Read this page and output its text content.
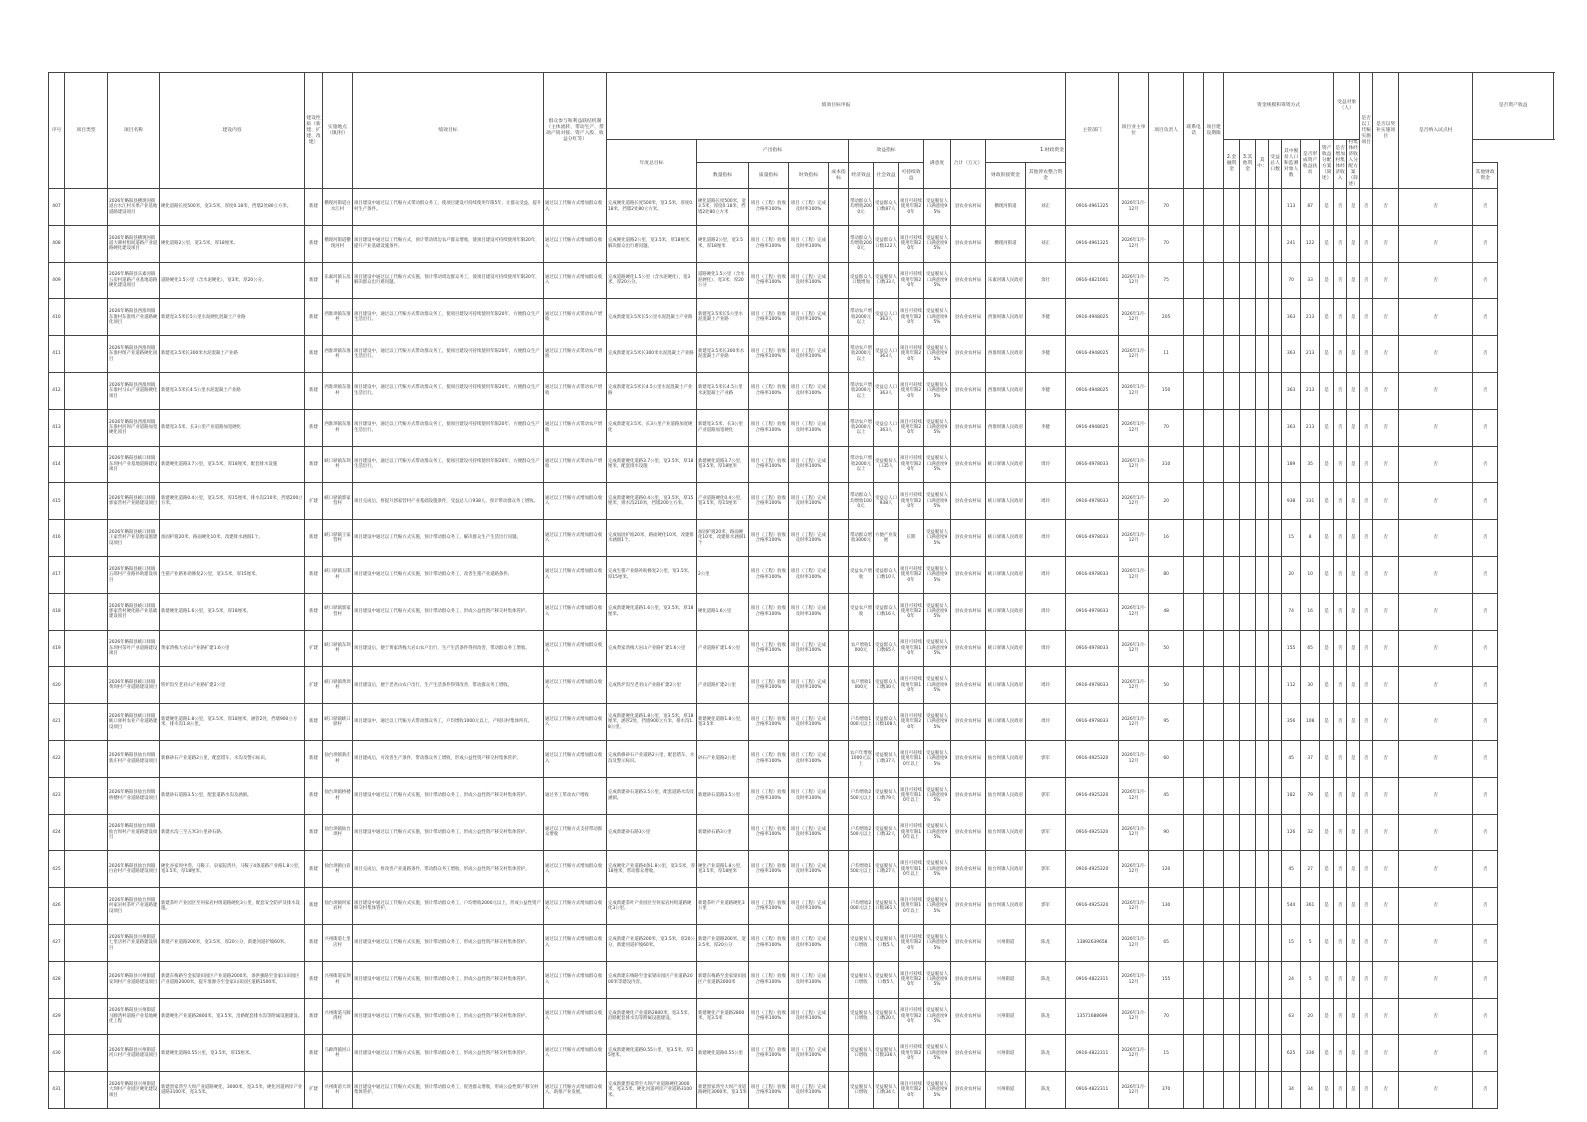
序号	项目类型	项目名称	建设内容	建设性质（新建、扩建、改建）	实施地点（镇/村）	绩效目标	群众参与和利益联结机制（主体流转、带动生产、帮助产销对接、资产入股、收益分红等）	绩效目标申报												主管部门	项目业主单位	项目负责人	联系电话	项目建设期限	资金规模和筹资方式							受益对象（人）		是否以工代赈实施项目	是否以奖补实施项目	是否纳入试点村	是否资产收益	
								年度总目标	产出指标				效益指标			满意度	合计（万元）	1.财政资金							2.金融资金	3.其他资金	其中：	受益总人口数	其中脱贫人口和监测对象人数	是否形成资产收益扶贫	资产收益分配方案（简述）	是否增加村集体经济收入	村集体经济收入分配方案（简述）					
									数量指标	质量指标	时效指标	成本指标	经济效益	社会效益	可持续效益			财政衔接资金	其他涉农整合资金																		其他财政资金	
407		2026年略阳县横现河街道白水江村水果产业基地道路建设项目	硬化道路长度500米，宽3.5米，厚度0.18米，挡墙2处80立方米。	新建	横现河街道白水江村	项目建设中通过以工代赈方式带动群众务工，使项目建设可持续使用年限5年，让群众受益，提升村生产条件。	通过以工代赈方式增加群众收入	完成硬化道路长度500米，宽3.5米，厚度0.18米，挡墙2处80立方米。	硬化道路长度500米，宽3.5米，厚度0.18米，挡墙2处80立方米	项目（工程）验收合格率100%	项目（工程）完成及时率100%		带动群众人均增收2000元	受益群众人口数87人	项目可持续使用年限20年	受益脱贫人口满意度95%	县农业农村局	横现河街道	刘正	0916-4961325	2026年1月-12月	70							113	87	是	否	是	否	否	否	否	
408		2026年略阳县横现河街道大碑村组间道路产业道路硬化建设项目	硬化道路2公里，宽3.5米，厚18厘米。	新建	横现河街道横现河村	项目建设中通过以工代赈方式，预计带动周边农户群众增收，使项目建设可持续使用年限20年，提升产业基础设施条件。	通过以工代赈方式增加群众收入	完成硬化道路2公里，宽3.5米，厚18厘米，解决群众出行难问题。	硬化道路2公里，宽3.5米，厚18厘米	项目（工程）验收合格率100%	项目（工程）完成及时率100%		带动群众人均增收2000元	受益群众人口数122人	项目可持续使用年限20年	受益脱贫人口满意度95%	县农业农村局	横现河街道	刘正	0916-4961325	2026年1月-12月	70							241	122	是	否	是	否	否	否	否	
409		2026年略阳县乐素河镇五房村道路产业基地道路硬化建设项目	道路硬化1.5公里（含水泥硬化），宽3米，厚20公分。	新建	乐素河镇五房村	项目建设中通过以工代赈方式实施，预计带动周边群众务工，使项目建设可持续使用年限20年，解决群众出行难问题。	通过以工代赈方式增加群众收入	完成道路硬化1.5公里（含水泥硬化），宽3米，厚20公分。	道路硬化1.5公里（含水泥硬化），宽3米，厚20公分	项目（工程）验收合格率100%	项目（工程）完成及时率100%		受益群众人口数增加	受益脱贫人口数33人	项目可持续使用年限20年	受益脱贫人口满意度95%	县农业农村局	乐素河镇人民政府	余壮	0916-4821001	2026年1月-12月	75							70	33	是	否	是	否	否	否	否	
410		2026年略阳县西淮坝镇东淮村东淮组产业道路硬化项目	新建宽3.5米长5公里水泥硬化混凝土产业路	新建	西淮坝镇东淮村	项目建设中，通过以工代赈方式带动群众务工，使项目建设可持续使用年限20年，方便群众生产生活出行。	通过以工代赈方式带动农户增收	完成新建宽3.5米长5公里水泥混凝土产业路	新建宽3.5米长5公里水泥混凝土产业路	项目（工程）验收合格率100%	项目（工程）完成及时率100%		带动农户增收2000元以上	受益总人口363人	项目可持续使用年限20年	受益脱贫人口满意度95%	县农业农村局	西淮坝镇人民政府	李健	0916-4948025	2026年1月-12月	205							363	213	是	否	是	否	否	否	否	
411		2026年略阳县西淮坝镇东淮村组产业道路硬化项目	新建宽3.5米长300米水泥混凝土产业路	新建	西淮坝镇东淮村	项目建设中，通过以工代赈方式带动群众务工，使项目建设可持续使用年限20年，方便群众生产生活出行。	通过以工代赈方式带动农户增收	完成新建宽3.5米长300米水泥混凝土产业路	新建宽3.5米长300米水泥混凝土产业路	项目（工程）验收合格率100%	项目（工程）完成及时率100%		带动农户增收2000元以上	受益总人口363人	项目可持续使用年限20年	受益脱贫人口满意度95%	县农业农村局	西淮坝镇人民政府	李健	0916-4948025	2026年1月-12月	11							363	213	是	否	是	否	否	否	否	
412		2026年略阳县西淮坝镇东淮村马山产业道路硬化项目	新建宽3.5米长4.5公里水泥混凝土产业路	新建	西淮坝镇东淮村	项目建设中，通过以工代赈方式带动群众务工，使项目建设可持续使用年限20年，方便群众生产生活出行。	通过以工代赈方式带动农户增收	完成新建宽3.5米长4.5公里水泥混凝土产业路	新建宽3.5米长4.5公里水泥混凝土产业路	项目（工程）验收合格率100%	项目（工程）完成及时率100%		带动农户增收2000元以上	受益总人口363人	项目可持续使用年限20年	受益脱贫人口满意度95%	县农业农村局	西淮坝镇人民政府	李健	0916-4948025	2026年1月-12月	150							363	213	是	否	是	否	否	否	否	
413		2026年略阳县西淮坝镇东淮村河坝产业道路加宽硬化项目	新建宽3.5米，长3公里产业道路加宽硬化	新建	西淮坝镇东淮村	项目建设中，通过以工代赈方式带动群众务工，使项目建设可持续使用年限20年，方便群众生产生活出行。	通过以工代赈方式带动农户增收	完成新建宽3.5米，长3公里产业道路加宽硬化	新建宽3.5米，长3公里产业道路加宽硬化	项目（工程）验收合格率100%	项目（工程）完成及时率100%		带动农户增收2000元以上	受益总人口363人	项目可持续使用年限20年	受益脱贫人口满意度95%	县农业农村局	西淮坝镇人民政府	李健	0916-4948025	2026年1月-12月	70							363	213	是	否	是	否	否	否	否	
414		2026年略阳县峡口驿镇东坝村产业基地道路建设项目	新建硬化道路3.7公里，宽3.5米，厚18厘米，配套排水设施	新建	峡口驿镇东坝村	项目建设中，通过以工代赈方式带动群众务工，使项目建设可持续使用年限20年，方便群众生产生活出行。	通过以工代赈方式带动农户增收	完成新建硬化道路3.7公里，宽3.5米，厚18厘米，配套排水设施	新建硬化道路3.7公里，宽3.5米，厚18厘米	项目（工程）验收合格率100%	项目（工程）完成及时率100%		带动农户增收2000元以上	受益脱贫人口35人	项目可持续使用年限20年	受益脱贫人口满意度95%	县农业农村局	峡口驿镇人民政府	周玲	0916-4978033	2026年1月-12月	310							189	35	是	否	是	否	否	否	否	
415		2026年略阳县峡口驿镇郭家营村产业路建设项目	新建硬化道路0.4公里，宽3.5米，厚15厘米，排水沟210米，挡墙200立方米。	扩建	峡口驿镇郭家营村	项目完成后，将提升郭家营村产业基础设施条件，受益总人口938人，预计带动群众务工增收。	通过以工代赈方式增加群众收入	完成新建硬化道路0.4公里，宽3.5米，厚15厘米，排水沟210米，挡墙200立方米。	产业道路硬化0.4公里，宽3.5米，厚15厘米	项目（工程）验收合格率100%	项目（工程）完成及时率100%		带动群众人均增收1000元	受益总人口938人	项目可持续使用年限20年	受益脱贫人口满意度95%	县农业农村局	峡口驿镇人民政府	周玲	0916-4978033	2026年1月-12月	20							938	331	是	否	是	否	否	否	否	
416		2026年略阳县峡口驿镇王家营村产业基地设施建设项目	加固护坡20米，路面硬化10米，改建排水涵洞1个。	新建	峡口驿镇王家营村	项目建设中通过以工代赈方式实施，预计带动群众务工，解决群众生产生活出行问题。	通过以工代赈方式增加群众收入	完成加固护坡20米，路面硬化10米，改建排水涵洞1个。	加固护坡20米，路面硬化10米，改建排水涵洞1个	项目（工程）验收合格率100%	项目（工程）完成及时率100%		带动群众增收3000元	方便产业发展	长期	受益脱贫人口满意度95%	县农业农村局	峡口驿镇人民政府	周玲	0916-4978033	2026年1月-12月	16							15	8	是	否	是	否	否	否	否	
417		2026年略阳县峡口驿镇五郎村产业路补助建设项目	生猪产业路补助修复2公里，宽3.5米，厚15厘米。	新建	峡口驿镇五郎村	项目建设中通过以工代赈方式实施，预计带动群众务工，改善生猪产业道路条件。	通过以工代赈方式增加群众收入	完成生猪产业路补助修复2公里，宽3.5米，厚15厘米。	2公里	项目（工程）验收合格率100%	项目（工程）完成及时率100%		受益农户增收	受益群众人口数10人	项目可持续使用年限20年	受益脱贫人口满意度95%	县农业农村局	峡口驿镇人民政府	周玲	0916-4978033	2026年1月-12月	80							20	10	是	否	是	否	否	否	否	
418		2026年略阳县峡口驿镇郭家营村硬化路产业基础建设项目	新建硬化道路1.6公里，宽3.5米，厚18厘米。	新建	峡口驿镇郭家营村	项目建设中通过以工代赈方式实施，预计带动群众务工，形成公益性资产移交村集体管护。	通过以工代赈方式增加群众收入	完成新建硬化道路1.6公里，宽3.5米，厚18厘米。	硬化道路1.6公里	项目（工程）验收合格率100%	项目（工程）完成及时率100%		受益农户增收	受益群众人口数16人	项目可持续使用年限20年	受益脱贫人口满意度95%	县农业农村局	峡口驿镇人民政府	周玲	0916-4978033	2026年1月-12月	48							74	16	是	否	是	否	否	否	否	
419		2026年略阳县峡口驿镇东坝村茶叶产业道路建设项目	黄家湾栈大岩山产业路扩建1.6公里	扩建	峡口驿镇东坝村	项目建设后，便于黄家湾栈大岩山农户出行，生产生活条件得到改善，带动群众务工增收。	通过以工代赈方式增加群众收入	完成黄家湾栈大岩山产业路扩建1.6公里	产业道路扩建1.6公里	项目（工程）验收合格率100%	项目（工程）完成及时率100%		农户增收1000元	受益群众人口数65人	项目可持续使用年限10年	受益脱贫人口满意度95%	县农业农村局	峡口驿镇人民政府	周玲	0916-4978033	2026年1月-12月	50							155	65	是	否	是	否	否	否	否	
420		2026年略阳县峡口驿镇黄坝村产业道路建设项目	铁炉沟至老君山产业路扩建2公里	扩建	峡口驿镇黄坝村	项目建设后，便于老君山农户出行，生产生活条件得到改善，带动群众务工增收。	通过以工代赈方式增加群众收入	完成铁炉沟至老君山产业路扩建2公里	产业道路扩建2公里	项目（工程）验收合格率100%	项目（工程）完成及时率100%		农户增收1000元	受益群众人口数30人	项目可持续使用年限10年	受益脱贫人口满意度95%	县农业农村局	峡口驿镇人民政府	周玲	0916-4978033	2026年1月-12月	50							112	30	是	否	是	否	否	否	否	
421		2026年略阳县峡口驿镇峡口驿村农业产业道路建设项目	新建硬化道路1.8公里，宽3.5米，厚18厘米，涵管2处，挡墙900立方米，排水沟1.8公里。	新建	峡口驿镇峡口驿村	项目建设中，通过以工代赈方式带动群众务工，户均增收1000元以上，产权归村集体所有。	通过以工代赈方式增加群众收入	完成新建硬化道路1.8公里，宽3.5米，厚18厘米，涵管2处，挡墙900立方米，排水沟1.8公里。	新建硬化道路1.8公里，宽3.5米	项目（工程）验收合格率100%	项目（工程）完成及时率100%		户均增收1000元以上	受益群众人口数108人	项目可持续使用年限20年	受益脱贫人口满意度95%	县农业农村局	峡口驿镇人民政府	周玲	0916-4978033	2026年1月-12月	95							356	108	是	否	是	否	否	否	否	
422		2026年略阳县仙台坝镇新庄村产业道路建设项目	新修砂石产业道路2公里，配套错车、水沟及警示标识。	新建	仙台坝镇新庄村	项目建成后，可改善生产条件，带动群众务工增收，形成公益性资产移交村集体管护。	通过以工代赈方式增加群众收入	完成新修砂石产业道路2公里，配套错车、水沟及警示标识。	砂石产业道路2公里	项目（工程）验收合格率100%	项目（工程）完成及时率100%		农户年增收1000元以上	受益脱贫人口数37人	项目可持续使用年限10年以上	受益脱贫人口满意度95%	县农业农村局	仙台坝镇人民政府	郭军	0916-4925320	2026年1月-12月	60							45	37	是	否	是	否	否	否	否	
423		2026年略阳县仙台坝镇桥楼村产业道路建设项目	新建砂石道路3.5公里，配套道路水沟及涵洞。	新建	仙台坝镇桥楼村	项目建设中通过以工代赈方式实施，预计带动群众务工，形成公益性资产移交村集体管护。	通过务工带动农户增收	完成新建砂石道路3.5公里，配套道路水沟及涵洞。	新建砂石道路3.5公里	项目（工程）验收合格率100%	项目（工程）完成及时率100%		户均增收2500元以上	受益脱贫人口数79人	项目可持续使用年限10年以上	受益脱贫人口满意度95%	县农业农村局	仙台坝镇人民政府	郭军	0916-4925320	2026年1月-12月	45							182	79	是	否	是	否	否	否	否	
424		2026年略阳县仙台坝镇仙台坝村产业道路建设项目	新建水沟三至五米3公里砂石路。	新建	仙台坝镇仙台坝村	项目建设中通过以工代赈方式实施，预计带动群众务工，形成公益性资产移交村集体管护。	通过以工代赈方式支持带动群众增收	完成新建砂石路3公里	新建砂石路3公里	项目（工程）验收合格率100%	项目（工程）完成及时率100%		户均增收2500元以上	受益脱贫人口数32人	项目可持续使用年限10年以上	受益脱贫人口满意度95%	县农业农村局	仙台坝镇人民政府	郭军	0916-4925320	2026年1月-12月	90							126	32	是	否	是	否	否	否	否	
425		2026年略阳县仙台坝镇白岩村产业道路建设项目	硬化谷家坝中湾、马鞍子、泉家院湾共，马鞍子4条道路产业路1.8公里，宽3.5米，厚18厘米。	新建	仙台坝镇白岩村	项目完成后，将改善产业道路条件，带动群众务工增收，形成公益性资产移交村集体管护。	通过以工代赈方式增加群众收入	完成硬化产业道路4条1.8公里，宽3.5米，厚18厘米，带动群众增收。	硬化产业道路1.8公里，宽3.5米，厚18厘米	项目（工程）验收合格率100%	项目（工程）完成及时率100%		户均增收1500元以上	受益脱贫人口数27人	项目可持续使用年限10年以上	受益脱贫人口满意度95%	县农业农村局	仙台坝镇人民政府	郭军	0916-4925320	2026年1月-12月	120							45	27	是	否	是	否	否	否	否	
426		2026年略阳县仙台坝镇何家岩村茶叶产业道路建设项目	新建茶叶产业园区至何家岩村组道路硬化3公里，配套安全防护及排水设施。	新建	仙台坝镇何家岩村	项目建设中通过以工代赈方式实施，预计带动群众务工，户均增收2000元以上，形成公益性资产移交村集体管护。	通过以工代赈方式增加群众收入	完成新建茶叶产业园区至何家岩村组道路硬化3公里。	新建茶叶产业道路硬化3公里	项目（工程）验收合格率100%	项目（工程）完成及时率100%		户均增收2000元以上	受益脱贫人口数361人	项目可持续使用年限10年以上	受益脱贫人口满意度95%	县农业农村局	仙台坝镇人民政府	郭军	0916-4925320	2026年1月-12月	130							544	361	是	否	是	否	否	否	否	
427		2026年略阳县兴州街道七里店村产业道路建设项目	新建产业道路200米，宽3.5米，厚20公分，新建河道护坡60米。	新建	兴州街道七里店村	项目建设中通过以工代赈方式实施，预计带动群众务工，形成公益性资产移交村集体管护。	通过以工代赈方式增加群众收入	完成新建产业道路200米，宽3.5米，厚20公分，新建河道护坡60米。	新建产业道路200米，宽3.5米，厚20公分	项目（工程）验收合格率100%	项目（工程）完成及时率100%		受益脱贫人口增收	受益脱贫人口数5人	项目可持续使用年限20年	受益脱贫人口满意度95%	县农业农村局	兴州街道	陈龙	13892639658	2026年1月-12月	65							15	5	是	否	是	否	否	否	否	
428		2026年略阳县兴州街道安坝村产业道路建设项目	新建东梅路至金家梁田园区产业道路2000米，条洪强路至金家山田园区产业道路2000米，提升淮源寺至金家山田园区道路1500米。	新建	兴州街道安坝村	项目建设中通过以工代赈方式实施，预计带动群众务工，形成公益性资产移交村集体管护。	通过以工代赈方式增加群众收入	完成新建东梅路至金家梁田园区产业道路2000米等建设内容。	新建东梅路至金家梁田园区产业道路2000米	项目（工程）验收合格率100%	项目（工程）完成及时率100%		受益脱贫人口增收	受益脱贫人口数5人	项目可持续使用年限20年	受益脱贫人口满意度95%	县农业农村局	兴州街道	陈龙	0916-4822311	2026年1月-12月	155							24	5	是	否	是	否	否	否	否	
429		2026年略阳县兴州街道马蹄湾村道路产业基地硬化工程	新建硬化产业道路2800米，宽3.5米，沿路配套排水沟等附属设施建设。	新建	兴州街道马蹄湾村	项目建设中通过以工代赈方式实施，预计带动群众务工，形成公益性资产移交村集体管护。	通过以工代赈方式增加群众收入	完成新建硬化产业道路2800米，宽3.5米，沿路配套排水沟等附属设施建设。	新建硬化产业道路2800米，宽3.5米	项目（工程）验收合格率100%	项目（工程）完成及时率100%		受益脱贫人口增收	受益脱贫人口数20人	项目可持续使用年限20年	受益脱贫人口满意度95%	县农业农村局	兴州街道	陈龙	13571688699	2026年1月-12月	70							63	20	是	否	是	否	否	否	否	
430		2026年略阳县兴州街道河口村产业道路建设项目	新建硬化道路0.55公里，宽3.5米，厚15厘米。	新建	马蹄湾镇河口村	项目建设中通过以工代赈方式实施，预计带动群众务工，形成公益性资产移交村集体管护。	通过以工代赈方式增加群众收入	完成新建硬化道路0.55公里，宽3.5米，厚15厘米。	新建硬化道路0.55公里	项目（工程）验收合格率100%	项目（工程）完成及时率100%		受益脱贫人口增收	受益脱贫人口数336人	项目可持续使用年限20年	受益脱贫人口满意度95%	县农业农村局	兴州街道	陈龙	0916-4822311	2026年1月-12月	15							625	336	是	否	是	否	否	否	否	
431		2026年略阳县兴州街道大坝村产业园区硬化建设项目	新建黑家湾至大坝产业道路硬化，3000米，宽3.5米，硬化河道两岸产业道路3100米，宽3.5米。	扩建	兴州街道大坝村	项目建设中通过以工代赈方式实施，预计带动群众务工，促进群众增收，形成公益性资产移交村集体管护。	通过以工代赈方式增加群众收入，助推产业发展。	完成新建黑家湾至大坝产业道路硬化3000米，宽3.5米，硬化河道两岸产业道路3100米。	新建黑家湾至大坝产业道路硬化3000米，宽3.5米	项目（工程）验收合格率100%	项目（工程）完成及时率100%		受益脱贫人口增收	受益脱贫人口数34人	项目可持续使用年限20年	受益脱贫人口满意度95%	县农业农村局	兴州街道	陈龙	0916-4822311	2026年1月-12月	370							34	34	是	否	是	否	否	否	否	
